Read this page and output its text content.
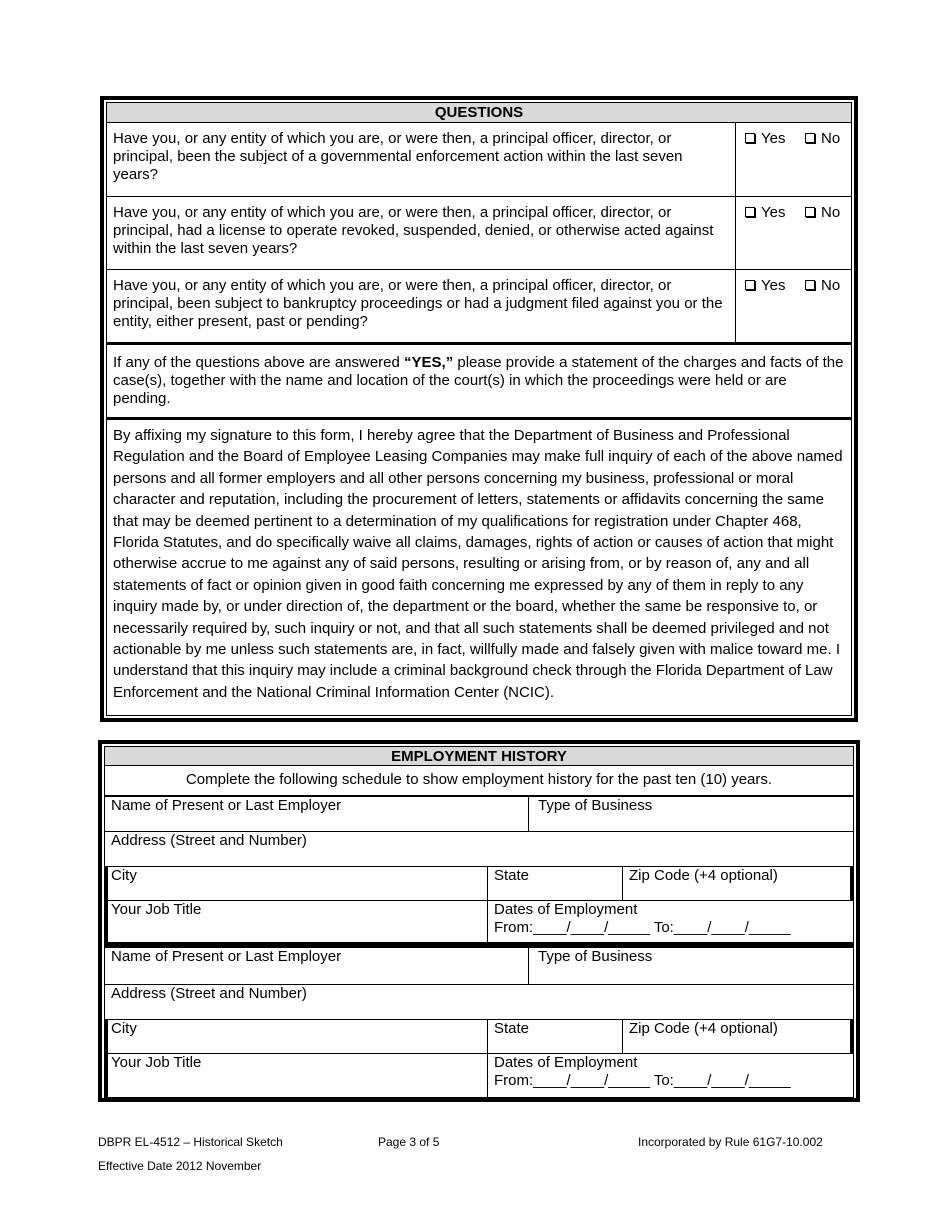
QUESTIONS
Have you, or any entity of which you are, or were then, a principal officer, director, or principal, been the subject of a governmental enforcement action within the last seven years?
Yes	No
Have you, or any entity of which you are, or were then, a principal officer, director, or principal, had a license to operate revoked, suspended, denied, or otherwise acted against within the last seven years?
Yes	No
Have you, or any entity of which you are, or were then, a principal officer, director, or principal, been subject to bankruptcy proceedings or had a judgment filed against you or the entity, either present, past or pending?
Yes	No
If any of the questions above are answered “YES,” please provide a statement of the charges and facts of the case(s), together with the name and location of the court(s) in which the proceedings were held or are pending.
By affixing my signature to this form, I hereby agree that the Department of Business and Professional Regulation and the Board of Employee Leasing Companies may make full inquiry of each of the above named persons and all former employers and all other persons concerning my business, professional or moral character and reputation, including the procurement of letters, statements or affidavits concerning the same that may be deemed pertinent to a determination of my qualifications for registration under Chapter 468, Florida Statutes, and do specifically waive all claims, damages, rights of action or causes of action that might otherwise accrue to me against any of said persons, resulting or arising from, or by reason of, any and all statements of fact or opinion given in good faith concerning me expressed by any of them in reply to any inquiry made by, or under direction of, the department or the board, whether the same be responsive to, or necessarily required by, such inquiry or not, and that all such statements shall be deemed privileged and not actionable by me unless such statements are, in fact, willfully made and falsely given with malice toward me. I understand that this inquiry may include a criminal background check through the Florida Department of Law Enforcement and the National Criminal Information Center (NCIC).
EMPLOYMENT HISTORY
Complete the following schedule to show employment history for the past ten (10) years.
Name of Present or Last Employer	Type of Business
Address (Street and Number)
City	State	Zip Code (+4 optional)
Your Job Title	Dates of Employment
From:____/____/_____ To:____/____/_____
Name of Present or Last Employer	Type of Business
Address (Street and Number)
City	State	Zip Code (+4 optional)
Your Job Title	Dates of Employment
From:____/____/_____ To:____/____/_____
DBPR EL-4512 – Historical Sketch	Page 3 of 5	Incorporated by Rule 61G7-10.002
Effective Date 2012 November
